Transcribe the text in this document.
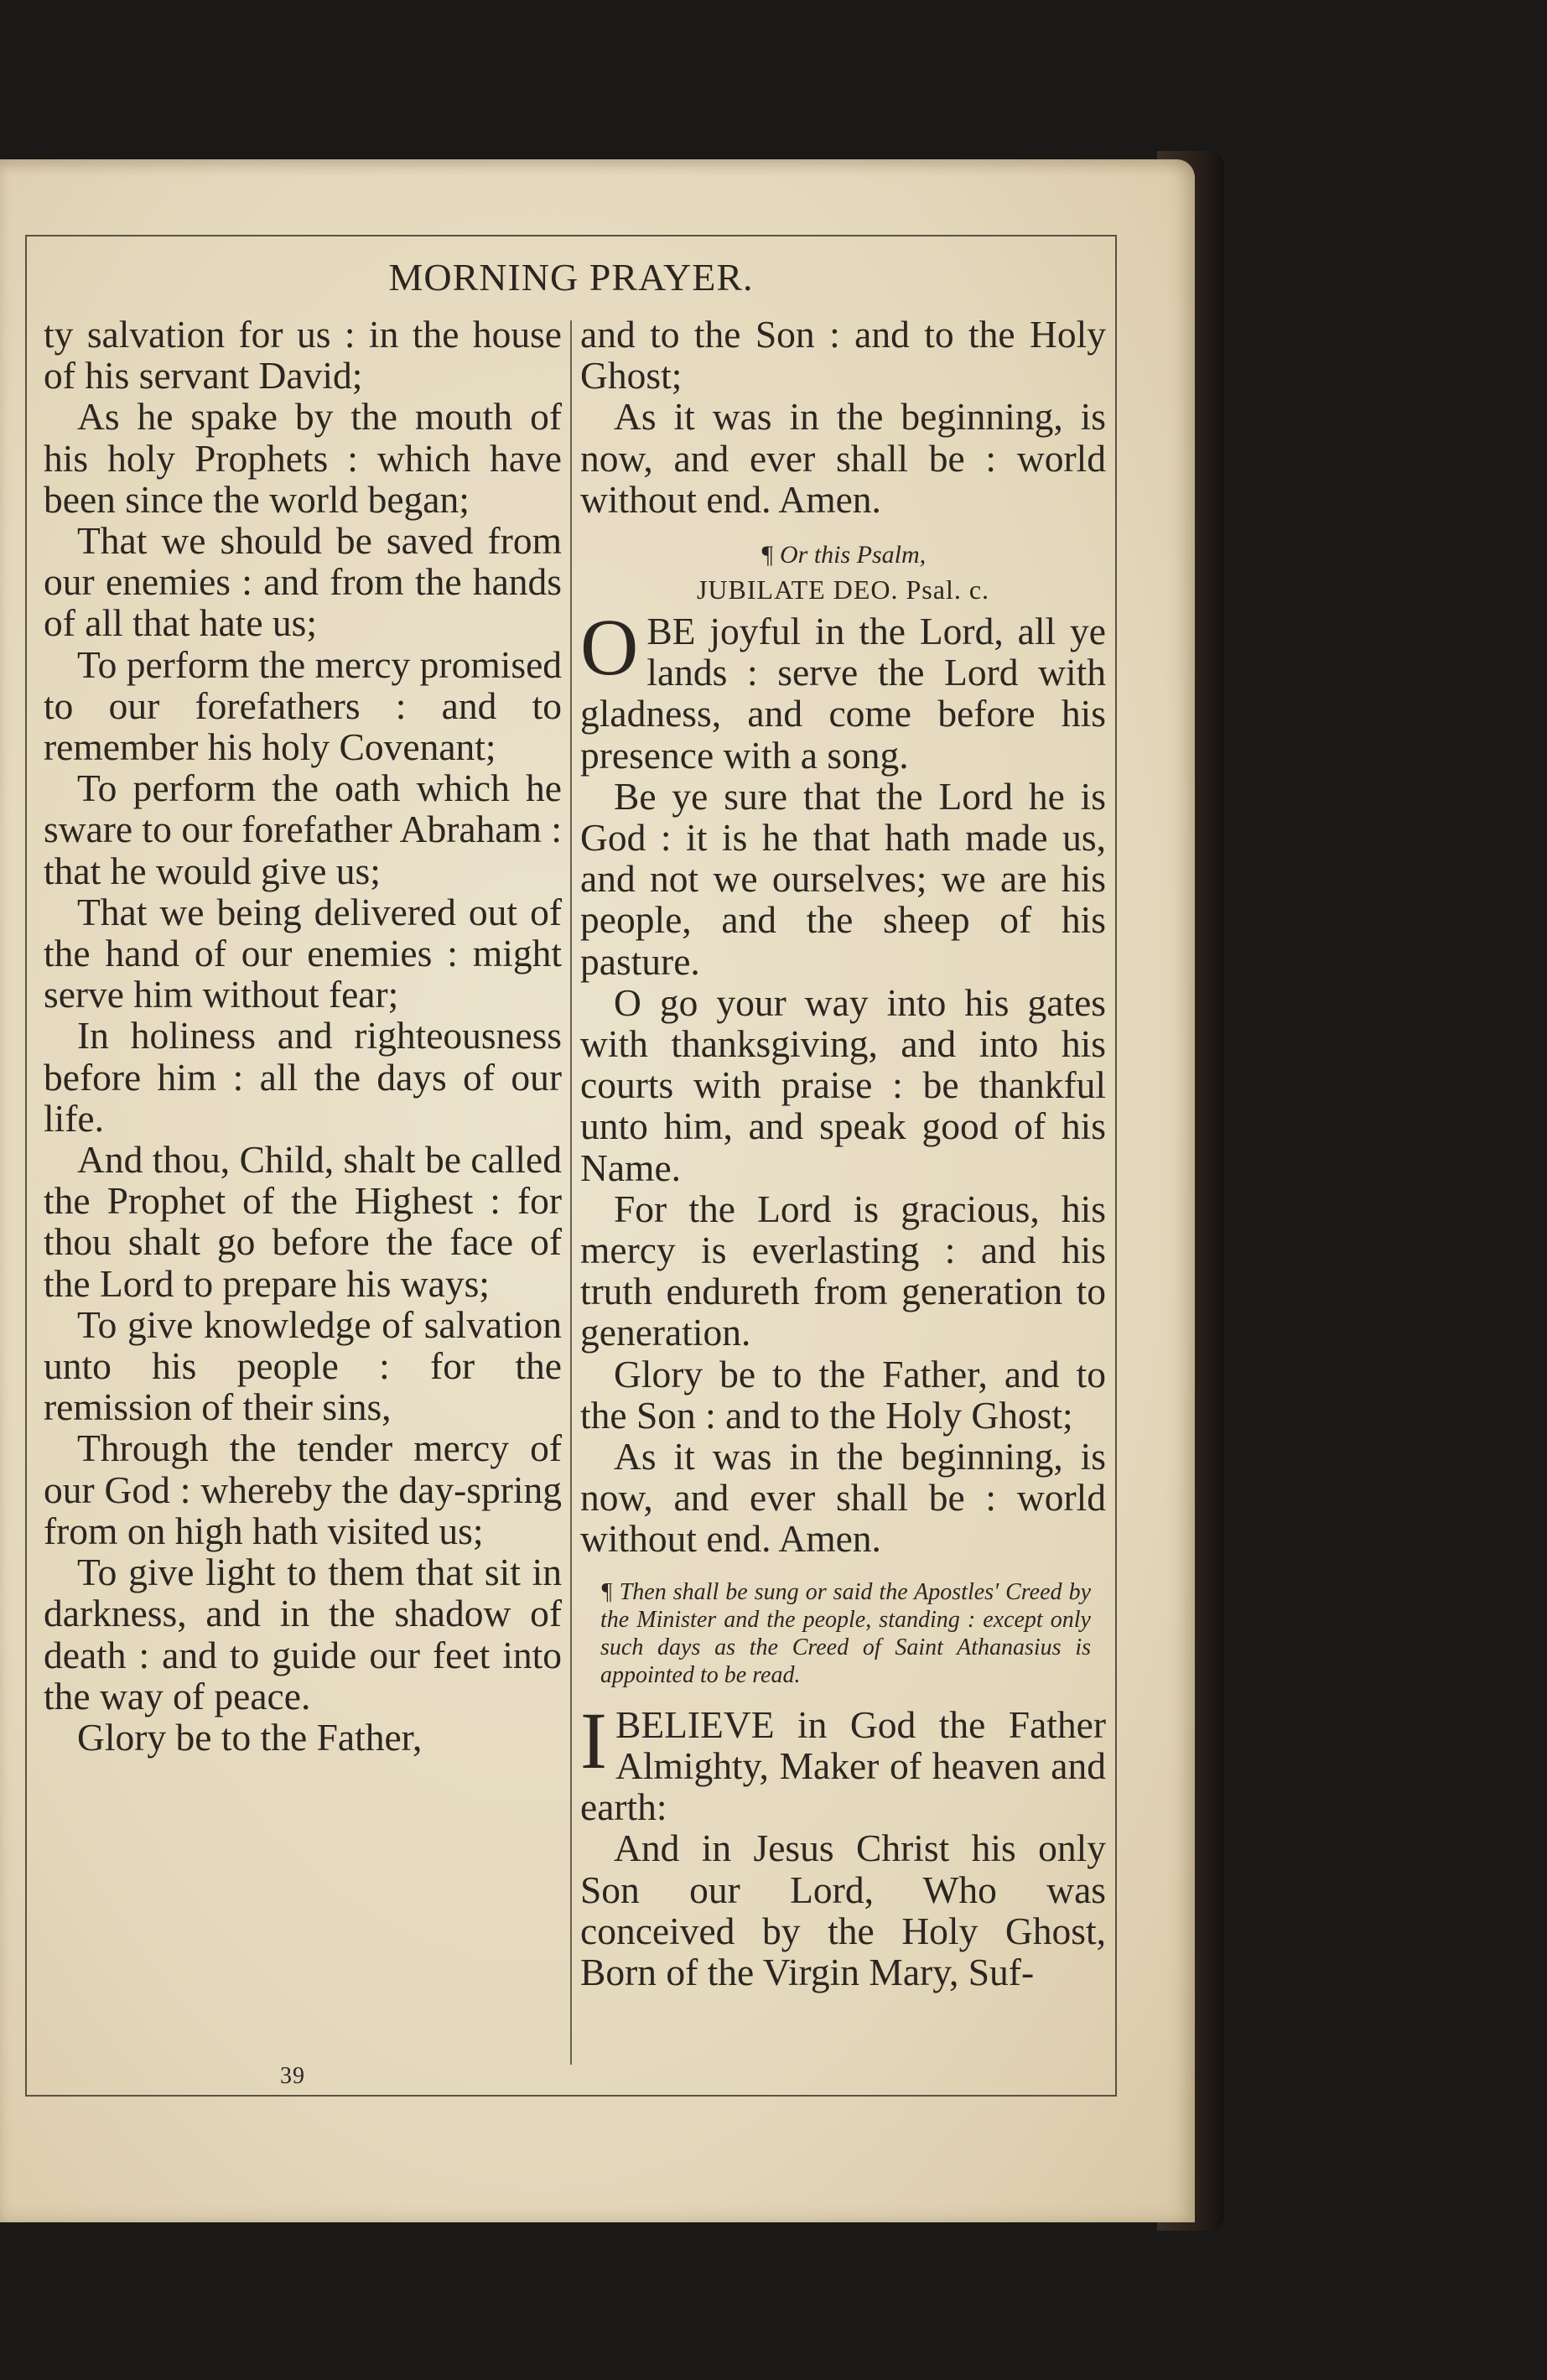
MORNING PRAYER.

ty salvation for us : in the house of his servant David;

As he spake by the mouth of his holy Prophets : which have been since the world began;

That we should be saved from our enemies : and from the hands of all that hate us;

To perform the mercy promised to our forefathers : and to remember his holy Covenant;

To perform the oath which he sware to our forefather Abraham : that he would give us;

That we being delivered out of the hand of our enemies : might serve him without fear;

In holiness and righteousness before him : all the days of our life.

And thou, Child, shalt be called the Prophet of the Highest : for thou shalt go before the face of the Lord to prepare his ways;

To give knowledge of salvation unto his people : for the remission of their sins,

Through the tender mercy of our God : whereby the day-spring from on high hath visited us;

To give light to them that sit in darkness, and in the shadow of death : and to guide our feet into the way of peace.

Glory be to the Father,

and to the Son : and to the Holy Ghost;

As it was in the beginning, is now, and ever shall be : world without end. Amen.

¶ Or this Psalm,

JUBILATE DEO. Psal. c.

OBE joyful in the Lord, all ye lands : serve the Lord with gladness, and come before his presence with a song.

Be ye sure that the Lord he is God : it is he that hath made us, and not we ourselves; we are his people, and the sheep of his pasture.

O go your way into his gates with thanksgiving, and into his courts with praise : be thankful unto him, and speak good of his Name.

For the Lord is gracious, his mercy is everlasting : and his truth endureth from generation to generation.

Glory be to the Father, and to the Son : and to the Holy Ghost;

As it was in the beginning, is now, and ever shall be : world without end. Amen.

¶ Then shall be sung or said the Apostles' Creed by the Minister and the people, standing : except only such days as the Creed of Saint Athanasius is appointed to be read.

IBELIEVE in God the Father Almighty, Maker of heaven and earth:

And in Jesus Christ his only Son our Lord, Who was conceived by the Holy Ghost, Born of the Virgin Mary, Suf-

39
